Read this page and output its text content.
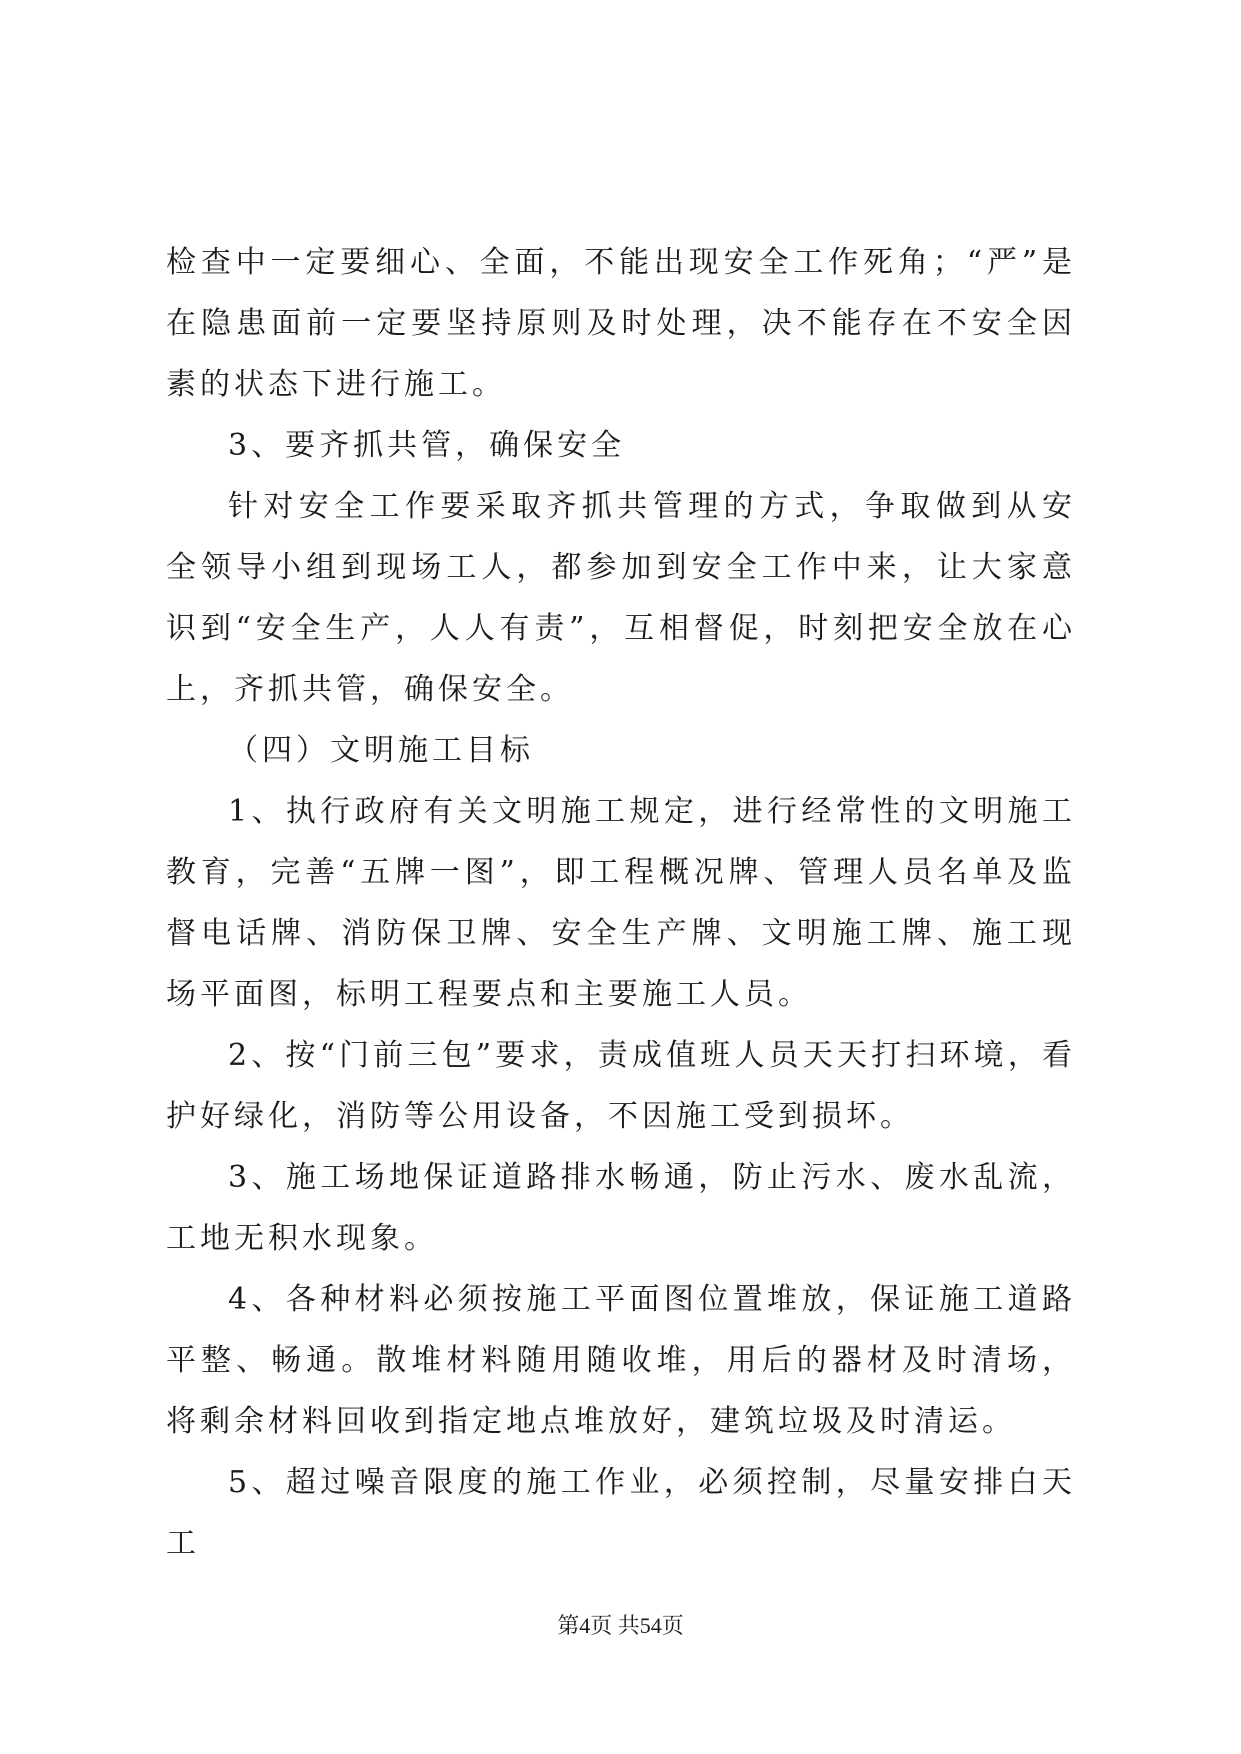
检查中一定要细心、全面，不能出现安全工作死角；“严”是在隐患面前一定要坚持原则及时处理，决不能存在不安全因素的状态下进行施工。

3、要齐抓共管，确保安全

针对安全工作要采取齐抓共管理的方式，争取做到从安全领导小组到现场工人，都参加到安全工作中来，让大家意识到“安全生产，人人有责”，互相督促，时刻把安全放在心上，齐抓共管，确保安全。

（四）文明施工目标

1、执行政府有关文明施工规定，进行经常性的文明施工教育，完善“五牌一图”，即工程概况牌、管理人员名单及监督电话牌、消防保卫牌、安全生产牌、文明施工牌、施工现场平面图，标明工程要点和主要施工人员。

2、按“门前三包”要求，责成值班人员天天打扫环境，看护好绿化，消防等公用设备，不因施工受到损坏。

3、施工场地保证道路排水畅通，防止污水、废水乱流，工地无积水现象。

4、各种材料必须按施工平面图位置堆放，保证施工道路平整、畅通。散堆材料随用随收堆，用后的器材及时清场，将剩余材料回收到指定地点堆放好，建筑垃圾及时清运。

5、超过噪音限度的施工作业，必须控制，尽量安排白天工

第4页 共54页
